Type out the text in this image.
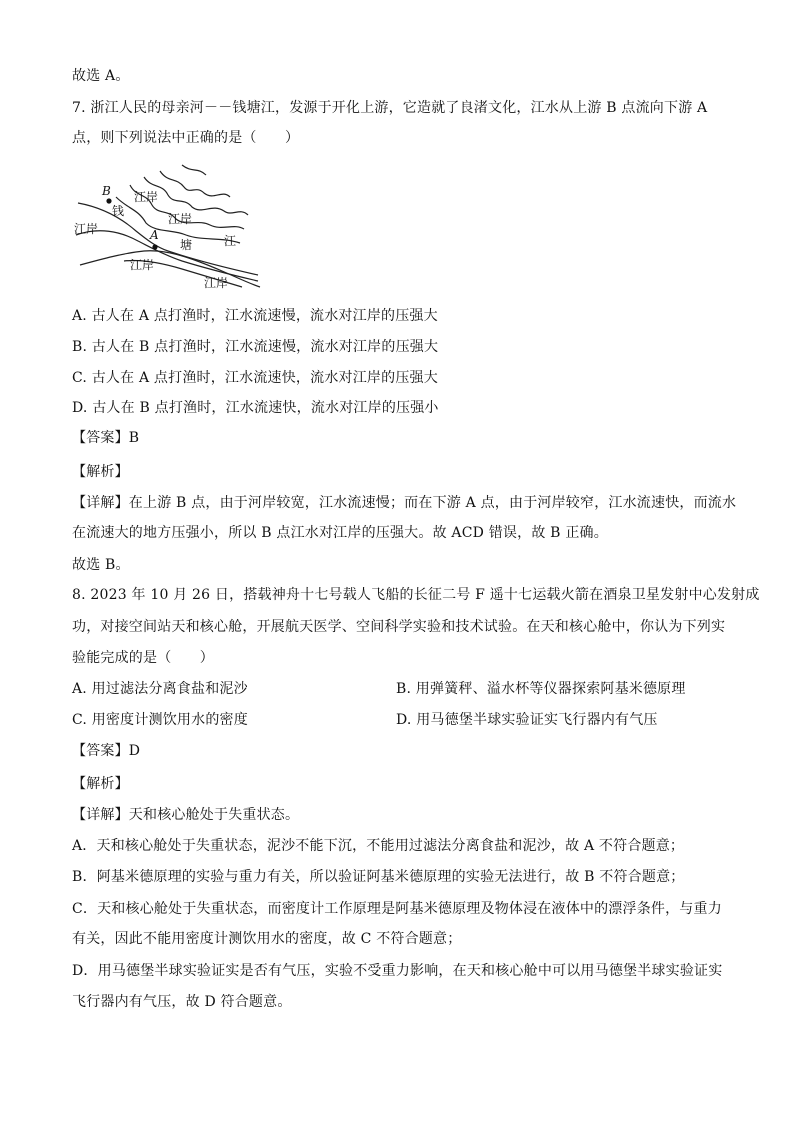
故选 A。
7. 浙江人民的母亲河－－钱塘江，发源于开化上游，它造就了良渚文化，江水从上游 B 点流向下游 A
点，则下列说法中正确的是（　　）
B
A
江岸
江岸
江岸
江岸
江岸
钱
塘	江
A. 古人在 A 点打渔时，江水流速慢，流水对江岸的压强大
B. 古人在 B 点打渔时，江水流速慢，流水对江岸的压强大
C. 古人在 A 点打渔时，江水流速快，流水对江岸的压强大
D. 古人在 B 点打渔时，江水流速快，流水对江岸的压强小
【答案】B
【解析】
【详解】在上游 B 点，由于河岸较宽，江水流速慢；而在下游 A 点，由于河岸较窄，江水流速快，而流水
在流速大的地方压强小，所以 B 点江水对江岸的压强大。故 ACD 错误，故 B 正确。
故选 B。
8. 2023 年 10 月 26 日，搭载神舟十七号载人飞船的长征二号 F 遥十七运载火箭在酒泉卫星发射中心发射成
功，对接空间站天和核心舱，开展航天医学、空间科学实验和技术试验。在天和核心舱中，你认为下列实
验能完成的是（　　）
A. 用过滤法分离食盐和泥沙	B. 用弹簧秤、溢水杯等仪器探索阿基米德原理
C. 用密度计测饮用水的密度	D. 用马德堡半球实验证实飞行器内有气压
【答案】D
【解析】
【详解】天和核心舱处于失重状态。
A．天和核心舱处于失重状态，泥沙不能下沉，不能用过滤法分离食盐和泥沙，故 A 不符合题意；
B．阿基米德原理的实验与重力有关，所以验证阿基米德原理的实验无法进行，故 B 不符合题意；
C．天和核心舱处于失重状态，而密度计工作原理是阿基米德原理及物体浸在液体中的漂浮条件，与重力
有关，因此不能用密度计测饮用水的密度，故 C 不符合题意；
D．用马德堡半球实验证实是否有气压，实验不受重力影响，在天和核心舱中可以用马德堡半球实验证实
飞行器内有气压，故 D 符合题意。
